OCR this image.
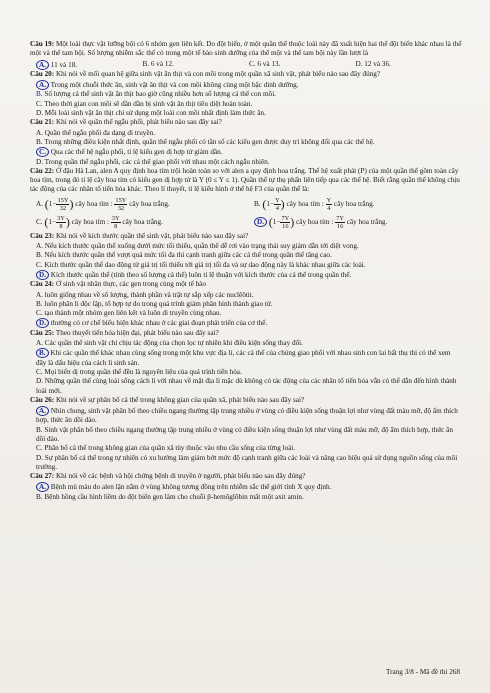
Câu 19: Một loài thực vật lưỡng bội có 6 nhóm gen liên kết. Do đột biến, ở một quần thể thuộc loài này đã xuất hiện hai thể đột biến khác nhau là thể một và thể tam bội. Số lượng nhiễm sắc thể có trong một tế bào sinh dưỡng của thể một và thể tam bội này lần lượt là

A. 11 và 18.	B. 6 và 12.	C. 6 và 13.	D. 12 và 36.

Câu 20: Khi nói về mối quan hệ giữa sinh vật ăn thịt và con mồi trong một quần xã sinh vật, phát biểu nào sau đây đúng?

A. Trong một chuỗi thức ăn, sinh vật ăn thịt và con mồi không cùng một bậc dinh dưỡng.

B. Số lượng cá thể sinh vật ăn thịt bao giờ cũng nhiều hơn số lượng cá thể con mồi.

C. Theo thời gian con mồi sẽ dần dần bị sinh vật ăn thịt tiêu diệt hoàn toàn.

D. Mỗi loài sinh vật ăn thịt chỉ sử dụng một loài con mồi nhất định làm thức ăn.

Câu 21: Khi nói về quần thể ngẫu phối, phát biểu nào sau đây sai?

A. Quần thể ngẫu phối đa dạng di truyền.

B. Trong những điều kiện nhất định, quần thể ngẫu phối có tần số các kiểu gen được duy trì không đổi qua các thế hệ.

C. Qua các thế hệ ngẫu phối, tỉ lệ kiểu gen dị hợp tử giảm dần.

D. Trong quần thể ngẫu phối, các cá thể giao phối với nhau một cách ngẫu nhiên.

Câu 22: Ở đậu Hà Lan, alen A quy định hoa tím trội hoàn toàn so với alen a quy định hoa trắng. Thế hệ xuất phát (P) của một quần thể gồm toàn cây hoa tím, trong đó tỉ lệ cây hoa tím có kiểu gen dị hợp tử là Y (0 ≤ Y ≤ 1). Quần thể tự thụ phấn liên tiếp qua các thế hệ. Biết rằng quần thể không chịu tác động của các nhân tố tiến hóa khác. Theo lí thuyết, tỉ lệ kiểu hình ở thế hệ F3 của quần thể là:

A. ($1- \frac{15Y}{32}$ ) cây hoa tím : $\frac{15Y}{32}$ cây hoa trắng.	B. ($1- \frac{Y}{4}$ ) cây hoa tím : $\frac{Y}{4}$ cây hoa trắng.
C. ($1- \frac{3Y}{8}$ ) cây hoa tím : $\frac{3Y}{8}$ cây hoa trắng.	D. ($1- \frac{7Y}{16}$ ) cây hoa tím : $\frac{7Y}{16}$ cây hoa trắng.

Câu 23: Khi nói về kích thước quần thể sinh vật, phát biểu nào sau đây sai?

A. Nếu kích thước quần thể xuống dưới mức tối thiểu, quần thể dễ rơi vào trạng thái suy giảm dẫn tới diệt vong.

B. Nếu kích thước quần thể vượt quá mức tối đa thì cạnh tranh giữa các cá thể trong quần thể tăng cao.

C. Kích thước quần thể dao động từ giá trị tối thiểu tới giá trị tối đa và sự dao động này là khác nhau giữa các loài.

D. Kích thước quần thể (tính theo số lượng cá thể) luôn tỉ lệ thuận với kích thước của cá thể trong quần thể.

Câu 24: Ở sinh vật nhân thực, các gen trong cùng một tế bào

A. luôn giống nhau về số lượng, thành phần và trật tự sắp xếp các nuclêôtit.

B. luôn phân li độc lập, tổ hợp tự do trong quá trình giảm phân hình thành giao tử.

C. tạo thành một nhóm gen liên kết và luôn di truyền cùng nhau.

D. thường có cơ chế biểu hiện khác nhau ở các giai đoạn phát triển của cơ thể.

Câu 25: Theo thuyết tiến hóa hiện đại, phát biểu nào sau đây sai?

A. Các quần thể sinh vật chỉ chịu tác động của chọn lọc tự nhiên khi điều kiện sống thay đổi.

B. Khi các quần thể khác nhau cùng sống trong một khu vực địa lí, các cá thể của chúng giao phối với nhau sinh con lai bất thụ thì có thể xem đây là dấu hiệu của cách li sinh sản.

C. Mọi biến dị trong quần thể đều là nguyên liệu của quá trình tiến hóa.

D. Những quần thể cùng loài sống cách li với nhau về mặt địa lí mặc dù không có tác động của các nhân tố tiến hóa vẫn có thể dẫn đến hình thành loài mới.

Câu 26: Khi nói về sự phân bố cá thể trong không gian của quần xã, phát biểu nào sau đây sai?

A. Nhìn chung, sinh vật phân bố theo chiều ngang thường tập trung nhiều ở vùng có điều kiện sống thuận lợi như vùng đất màu mỡ, độ ẩm thích hợp, thức ăn dồi dào.

B. Sinh vật phân bố theo chiều ngang thường tập trung nhiều ở vùng có điều kiện sống thuận lợi như vùng đất màu mỡ, độ ẩm thích hợp, thức ăn dồi dào.

C. Phân bố cá thể trong không gian của quần xã tùy thuộc vào nhu cầu sống của từng loài.

D. Sự phân bố cá thể trong tự nhiên có xu hướng làm giảm bớt mức độ cạnh tranh giữa các loài và nâng cao hiệu quả sử dụng nguồn sống của môi trường.

Câu 27: Khi nói về các bệnh và hội chứng bệnh di truyền ở người, phát biểu nào sau đây đúng?

A. Bệnh mù màu do alen lặn nằm ở vùng không tương đồng trên nhiễm sắc thể giới tính X quy định.

B. Bệnh hồng cầu hình liềm do đột biến gen làm cho chuỗi β-hemôglôbin mất một axit amin.

Trang 3/8 - Mã đề thi 268
